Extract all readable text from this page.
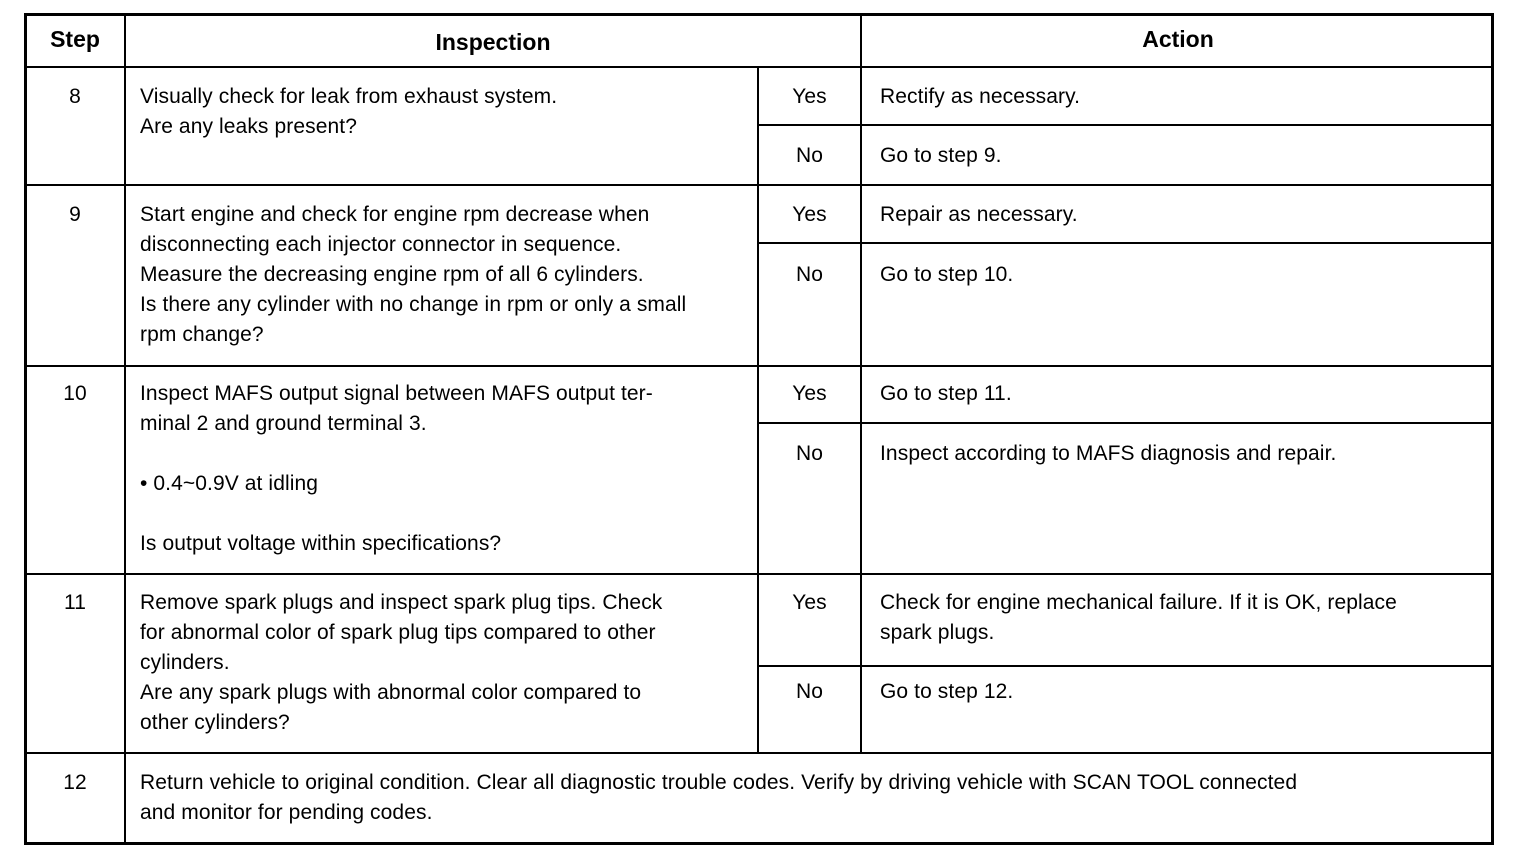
Step	Inspection	Action
8	Visually check for leak from exhaust system.
Are any leaks present?
Yes	Rectify as necessary.
No	Go to step 9.
9	Start engine and check for engine rpm decrease when
disconnecting each injector connector in sequence.
Measure the decreasing engine rpm of all 6 cylinders.
Is there any cylinder with no change in rpm or only a small
rpm change?
Yes	Repair as necessary.
No	Go to step 10.
10	Inspect MAFS output signal between MAFS output ter-
minal 2 and ground terminal 3.

• 0.4~0.9V at idling

Is output voltage within specifications?
Yes	Go to step 11.
No	Inspect according to MAFS diagnosis and repair.
11	Remove spark plugs and inspect spark plug tips. Check
for abnormal color of spark plug tips compared to other
cylinders.
Are any spark plugs with abnormal color compared to
other cylinders?
Yes	Check for engine mechanical failure. If it is OK, replace
spark plugs.
No	Go to step 12.
12	Return vehicle to original condition. Clear all diagnostic trouble codes. Verify by driving vehicle with SCAN TOOL connected
and monitor for pending codes.
